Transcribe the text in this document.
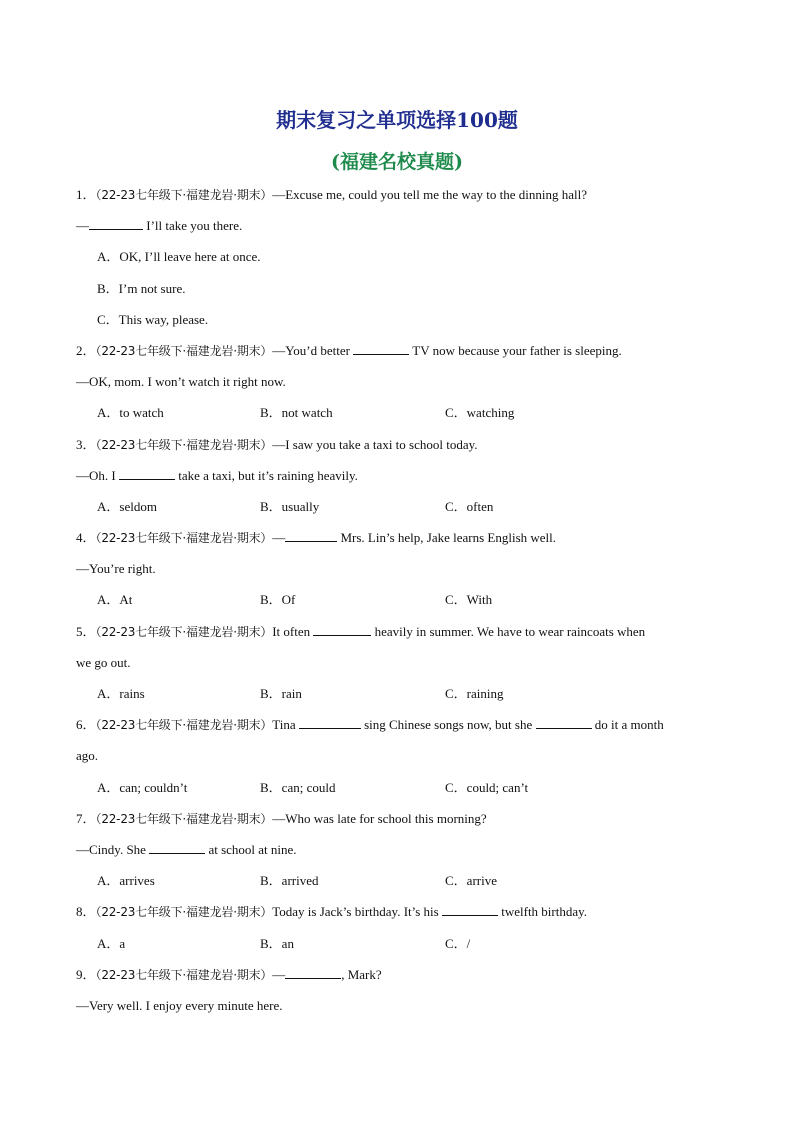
期末复习之单项选择100题
(福建名校真题)
1．（22-23七年级下·福建龙岩·期末）—Excuse me, could you tell me the way to the dinning hall?
—	I’ll take you there.
A．OK, I’ll leave here at once.
B．I’m not sure.
C．This way, please.
2．（22-23七年级下·福建龙岩·期末）—You’d better	TV now because your father is sleeping.
—OK, mom. I won’t watch it right now.
A．to watch	B．not watch	C．watching
3．（22-23七年级下·福建龙岩·期末）—I saw you take a taxi to school today.
—Oh. I	take a taxi, but it’s raining heavily.
A．seldom	B．usually	C．often
4．（22-23七年级下·福建龙岩·期末）—	Mrs. Lin’s help, Jake learns English well.
—You’re right.
A．At	B．Of	C．With
5．（22-23七年级下·福建龙岩·期末）It often	heavily in summer. We have to wear raincoats when
we go out.
A．rains	B．rain	C．raining
6．（22-23七年级下·福建龙岩·期末）Tina	sing Chinese songs now, but she	do it a month
ago.
A．can; couldn’t	B．can; could	C．could; can’t
7．（22-23七年级下·福建龙岩·期末）—Who was late for school this morning?
—Cindy. She	at school at nine.
A．arrives	B．arrived	C．arrive
8．（22-23七年级下·福建龙岩·期末）Today is Jack’s birthday. It’s his	twelfth birthday.
A．a	B．an	C．/
9．（22-23七年级下·福建龙岩·期末）—	, Mark?
—Very well. I enjoy every minute here.
